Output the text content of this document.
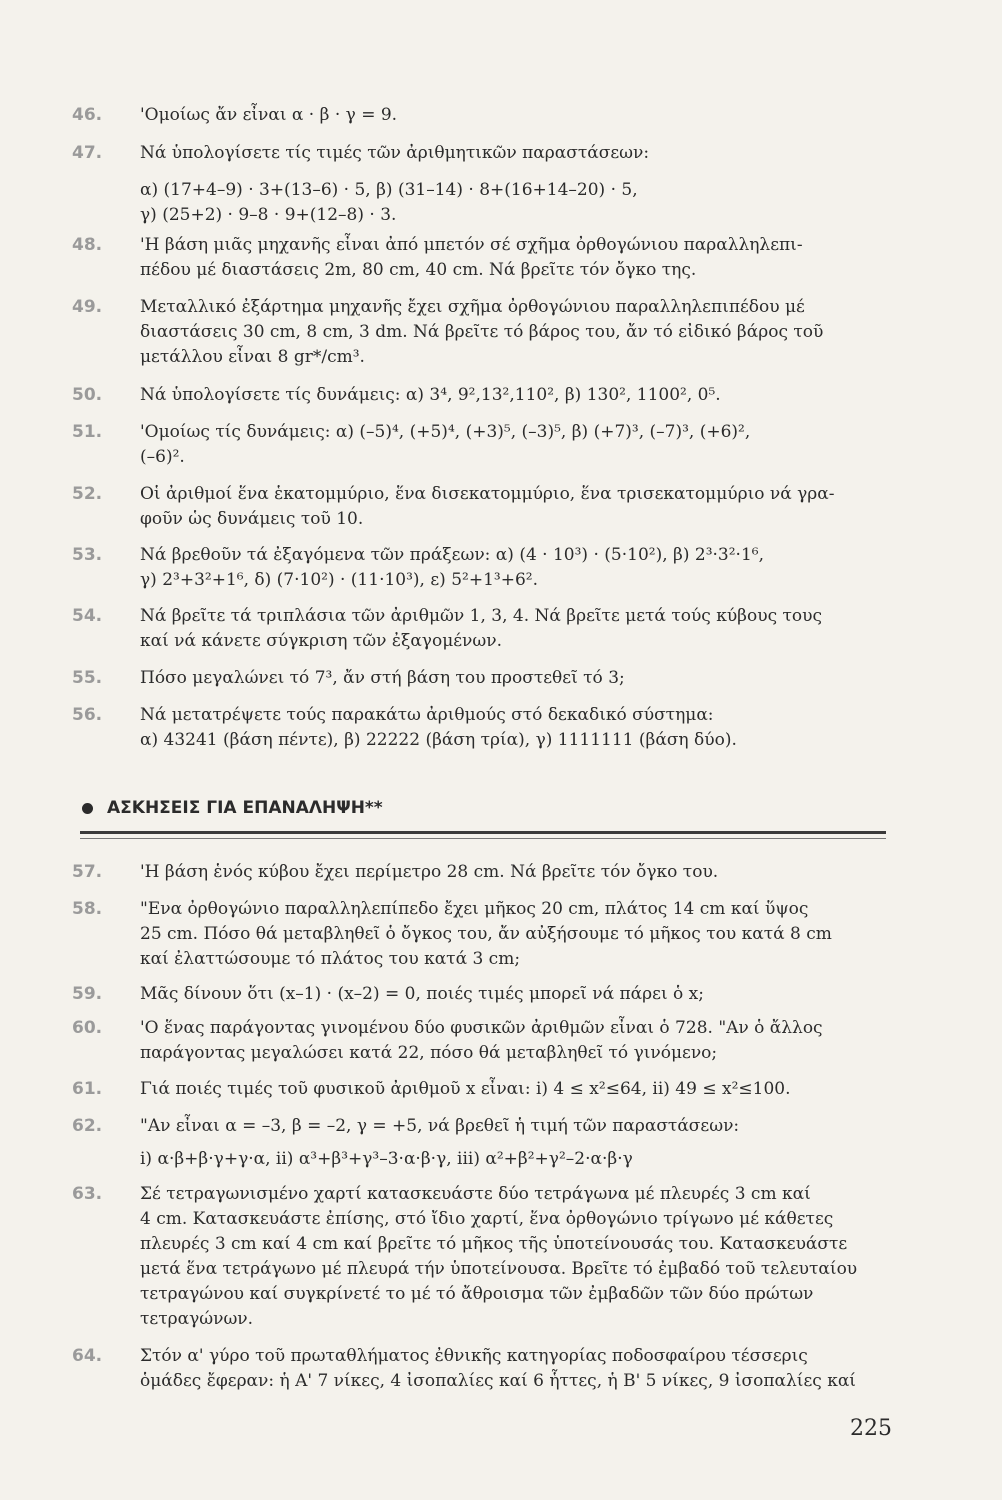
46.	'Ομοίως ἄν εἶναι α · β · γ = 9.
47.	Νά ὑπολογίσετε τίς τιμές τῶν ἀριθμητικῶν παραστάσεων:
α) (17+4–9) · 3+(13–6) · 5, β) (31–14) · 8+(16+14–20) · 5,
γ) (25+2) · 9–8 · 9+(12–8) · 3.
48.	'Η βάση μιᾶς μηχανῆς εἶναι ἀπό μπετόν σέ σχῆμα ὀρθογώνιου παραλληλεπι-
πέδου μέ διαστάσεις 2m, 80 cm, 40 cm. Νά βρεῖτε τόν ὄγκο της.
49.	Μεταλλικό ἐξάρτημα μηχανῆς ἔχει σχῆμα ὀρθογώνιου παραλληλεπιπέδου μέ
διαστάσεις 30 cm, 8 cm, 3 dm. Νά βρεῖτε τό βάρος του, ἄν τό εἰδικό βάρος τοῦ
μετάλλου εἶναι 8 gr*/cm³.
50.	Νά ὑπολογίσετε τίς δυνάμεις: α) 3⁴, 9²,13²,110², β) 130², 1100², 0⁵.
51.	'Ομοίως τίς δυνάμεις: α) (–5)⁴, (+5)⁴, (+3)⁵, (–3)⁵, β) (+7)³, (–7)³, (+6)²,
(–6)².
52.	Οἱ ἀριθμοί ἕνα ἑκατομμύριο, ἕνα δισεκατομμύριο, ἕνα τρισεκατομμύριο νά γρα-
φοῦν ὡς δυνάμεις τοῦ 10.
53.	Νά βρεθοῦν τά ἐξαγόμενα τῶν πράξεων: α) (4 · 10³) · (5·10²), β) 2³·3²·1⁶,
γ) 2³+3²+1⁶, δ) (7·10²) · (11·10³), ε) 5²+1³+6².
54.	Νά βρεῖτε τά τριπλάσια τῶν ἀριθμῶν 1, 3, 4. Νά βρεῖτε μετά τούς κύβους τους
καί νά κάνετε σύγκριση τῶν ἐξαγομένων.
55.	Πόσο μεγαλώνει τό 7³, ἄν στή βάση του προστεθεῖ τό 3;
56.	Νά μετατρέψετε τούς παρακάτω ἀριθμούς στό δεκαδικό σύστημα:
α) 43241 (βάση πέντε), β) 22222 (βάση τρία), γ) 1111111 (βάση δύο).
ΑΣΚΗΣΕΙΣ ΓΙΑ ΕΠΑΝΑΛΗΨΗ**
57.	'Η βάση ἑνός κύβου ἔχει περίμετρο 28 cm. Νά βρεῖτε τόν ὄγκο του.
58.	"Ενα ὀρθογώνιο παραλληλεπίπεδο ἔχει μῆκος 20 cm, πλάτος 14 cm καί ὕψος
25 cm. Πόσο θά μεταβληθεῖ ὁ ὄγκος του, ἄν αὐξήσουμε τό μῆκος του κατά 8 cm
καί ἐλαττώσουμε τό πλάτος του κατά 3 cm;
59.	Μᾶς δίνουν ὅτι (x–1) · (x–2) = 0, ποιές τιμές μπορεῖ νά πάρει ὁ x;
60.	'Ο ἕνας παράγοντας γινομένου δύο φυσικῶν ἀριθμῶν εἶναι ὁ 728. "Αν ὁ ἄλλος
παράγοντας μεγαλώσει κατά 22, πόσο θά μεταβληθεῖ τό γινόμενο;
61.	Γιά ποιές τιμές τοῦ φυσικοῦ ἀριθμοῦ x εἶναι: i) 4 ≤ x²≤64, ii) 49 ≤ x²≤100.
62.	"Αν εἶναι α = –3, β = –2, γ = +5, νά βρεθεῖ ἡ τιμή τῶν παραστάσεων:
i) α·β+β·γ+γ·α, ii) α³+β³+γ³–3·α·β·γ, iii) α²+β²+γ²–2·α·β·γ
63.	Σέ τετραγωνισμένο χαρτί κατασκευάστε δύο τετράγωνα μέ πλευρές 3 cm καί
4 cm. Κατασκευάστε ἐπίσης, στό ἴδιο χαρτί, ἕνα ὀρθογώνιο τρίγωνο μέ κάθετες
πλευρές 3 cm καί 4 cm καί βρεῖτε τό μῆκος τῆς ὑποτείνουσάς του. Κατασκευάστε
μετά ἕνα τετράγωνο μέ πλευρά τήν ὑποτείνουσα. Βρεῖτε τό ἐμβαδό τοῦ τελευταίου
τετραγώνου καί συγκρίνετέ το μέ τό ἄθροισμα τῶν ἐμβαδῶν τῶν δύο πρώτων
τετραγώνων.
64.	Στόν α' γύρο τοῦ πρωταθλήματος ἐθνικῆς κατηγορίας ποδοσφαίρου τέσσερις
ὁμάδες ἔφεραν: ἡ Α' 7 νίκες, 4 ἰσοπαλίες καί 6 ἧττες, ἡ Β' 5 νίκες, 9 ἰσοπαλίες καί
225
